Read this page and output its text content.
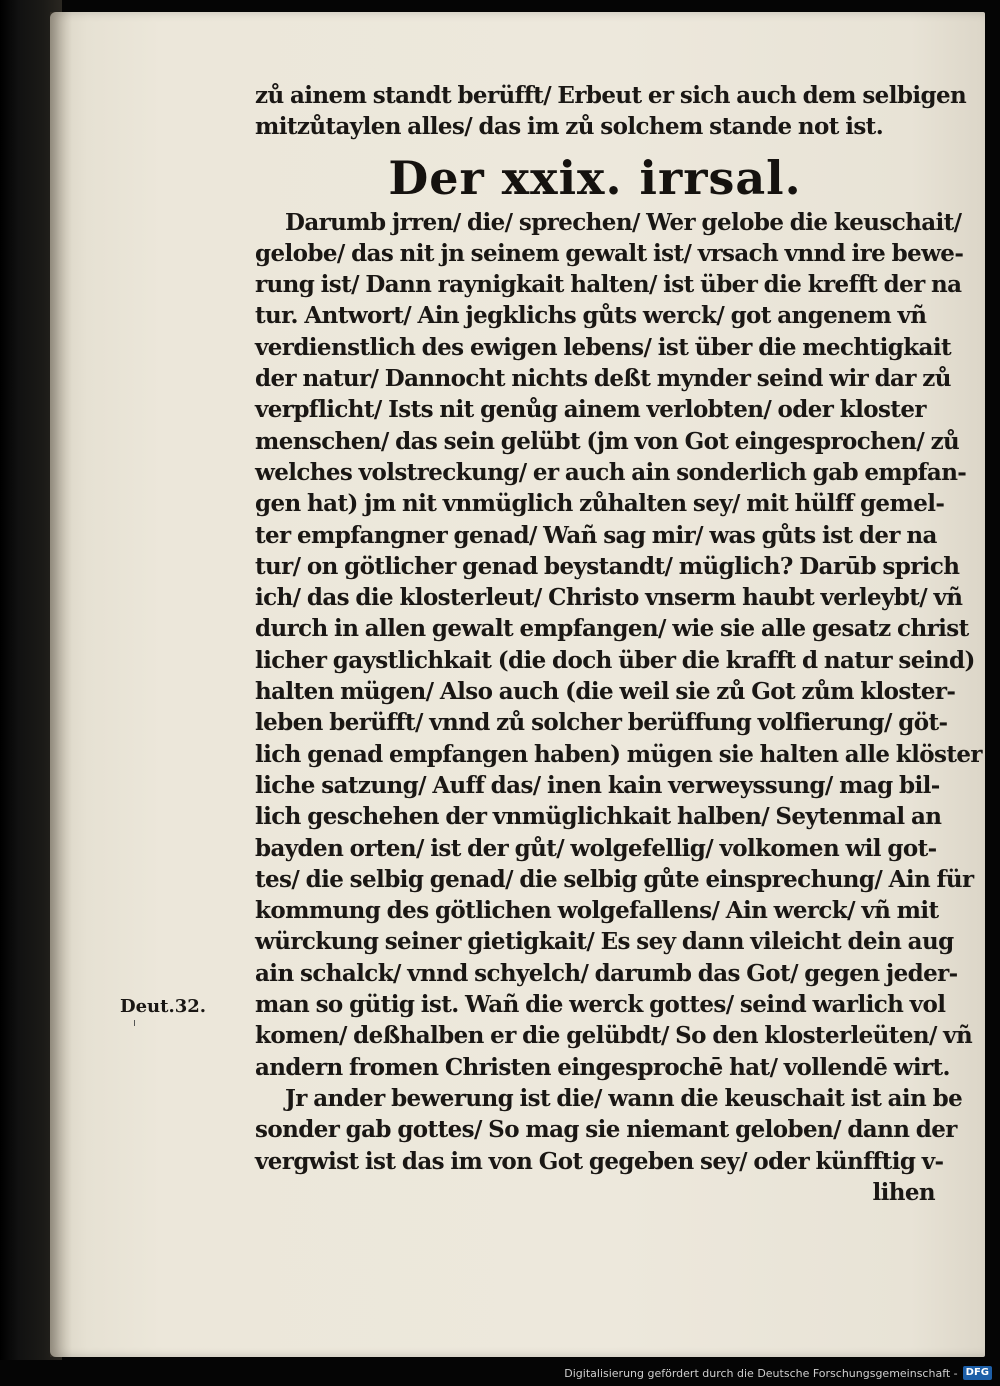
Deut.32.
zů ainem standt berüfft/ Erbeut er sich auch dem selbigen
mitzůtaylen alles/ das im zů solchem stande not ist.
Der xxix. irrsal.
Darumb jrren/ die/ sprechen/ Wer gelobe die keuschait/
gelobe/ das nit jn seinem gewalt ist/ vrsach vnnd ire bewe-
rung ist/ Dann raynigkait halten/ ist über die krefft der na
tur. Antwort/ Ain jegklichs gůts werck/ got angenem vñ
verdienstlich des ewigen lebens/ ist über die mechtigkait
der natur/ Dannocht nichts deßt mynder seind wir dar zů
verpflicht/ Ists nit genůg ainem verlobten/ oder kloster
menschen/ das sein gelübt (jm von Got eingesprochen/ zů
welches volstreckung/ er auch ain sonderlich gab empfan-
gen hat) jm nit vnmüglich zůhalten sey/ mit hülff gemel-
ter empfangner genad/ Wañ sag mir/ was gůts ist der na
tur/ on götlicher genad beystandt/ müglich? Darūb sprich
ich/ das die klosterleut/ Christo vnserm haubt verleybt/ vñ
durch in allen gewalt empfangen/ wie sie alle gesatz christ
licher gaystlichkait (die doch über die krafft d natur seind)
halten mügen/ Also auch (die weil sie zů Got zům kloster-
leben berüfft/ vnnd zů solcher berüffung volfierung/ göt-
lich genad empfangen haben) mügen sie halten alle klöster
liche satzung/ Auff das/ inen kain verweyssung/ mag bil-
lich geschehen der vnmüglichkait halben/ Seytenmal an
bayden orten/ ist der gůt/ wolgefellig/ volkomen wil got-
tes/ die selbig genad/ die selbig gůte einsprechung/ Ain für
kommung des götlichen wolgefallens/ Ain werck/ vñ mit
würckung seiner gietigkait/ Es sey dann vileicht dein aug
ain schalck/ vnnd schyelch/ darumb das Got/ gegen jeder-
man so gütig ist. Wañ die werck gottes/ seind warlich vol
komen/ deßhalben er die gelübdt/ So den klosterleüten/ vñ
andern fromen Christen eingesprochē hat/ vollendē wirt.
Jr ander bewerung ist die/ wann die keuschait ist ain be
sonder gab gottes/ So mag sie niemant geloben/ dann der
vergwist ist das im von Got gegeben sey/ oder künfftig v-
lihen
Digitalisierung gefördert durch die Deutsche Forschungsgemeinschaft - DFG
